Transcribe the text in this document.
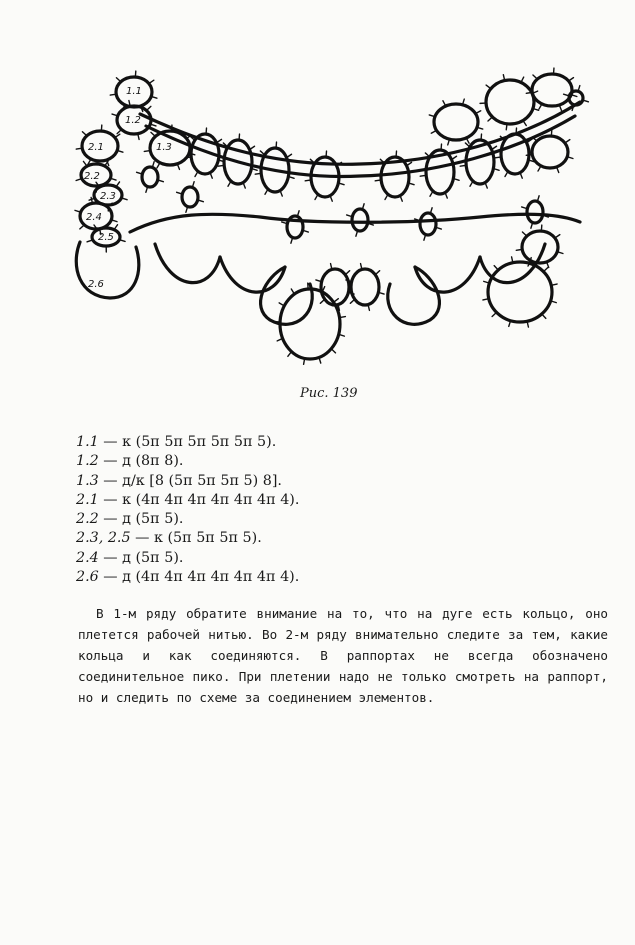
1.1
1.2
1.3
2.1
2.2
2.3
2.4
2.5
2.6
Рис. 139
1.1 — к (5п 5п 5п 5п 5п 5).
1.2 — д (8п 8).
1.3 — д/к [8 (5п 5п 5п 5) 8].
2.1 — к (4п 4п 4п 4п 4п 4п 4).
2.2 — д (5п 5).
2.3, 2.5 — к (5п 5п 5п 5).
2.4 — д (5п 5).
2.6 — д (4п 4п 4п 4п 4п 4п 4).

В 1-м ряду обратите внимание на то, что на дуге есть кольцо, оно плетется рабочей нитью. Во 2-м ряду внимательно следите за тем, какие кольца и как соединяются. В раппортах не всегда обозначено соединительное пико. При плетении надо не только смотреть на раппорт, но и следить по схеме за соединением элементов.
